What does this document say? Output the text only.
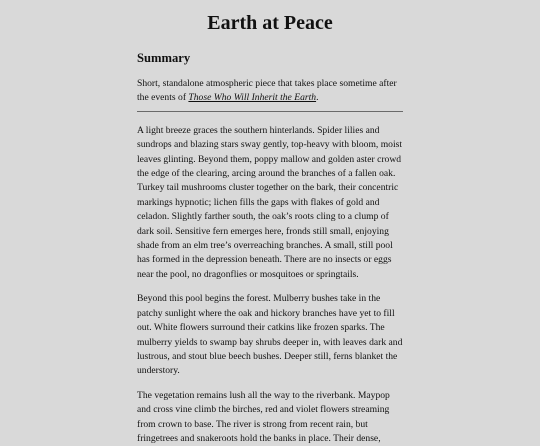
Earth at Peace
Summary

Short, standalone atmospheric piece that takes place sometime after the events of Those Who Will Inherit the Earth.

A light breeze graces the southern hinterlands. Spider lilies and sundrops and blazing stars sway gently, top-heavy with bloom, moist leaves glinting. Beyond them, poppy mallow and golden aster crowd the edge of the clearing, arcing around the branches of a fallen oak. Turkey tail mushrooms cluster together on the bark, their concentric markings hypnotic; lichen fills the gaps with flakes of gold and celadon. Slightly farther south, the oak’s roots cling to a clump of dark soil. Sensitive fern emerges here, fronds still small, enjoying shade from an elm tree’s overreaching branches. A small, still pool has formed in the depression beneath. There are no insects or eggs near the pool, no dragonflies or mosquitoes or springtails.

Beyond this pool begins the forest. Mulberry bushes take in the patchy sunlight where the oak and hickory branches have yet to fill out. White flowers surround their catkins like frozen sparks. The mulberry yields to swamp bay shrubs deeper in, with leaves dark and lustrous, and stout blue beech bushes. Deeper still, ferns blanket the understory.

The vegetation remains lush all the way to the riverbank. Maypop and cross vine climb the birches, red and violet flowers streaming from crown to base. The river is strong from recent rain, but fringetrees and snakeroots hold the banks in place. Their dense,
